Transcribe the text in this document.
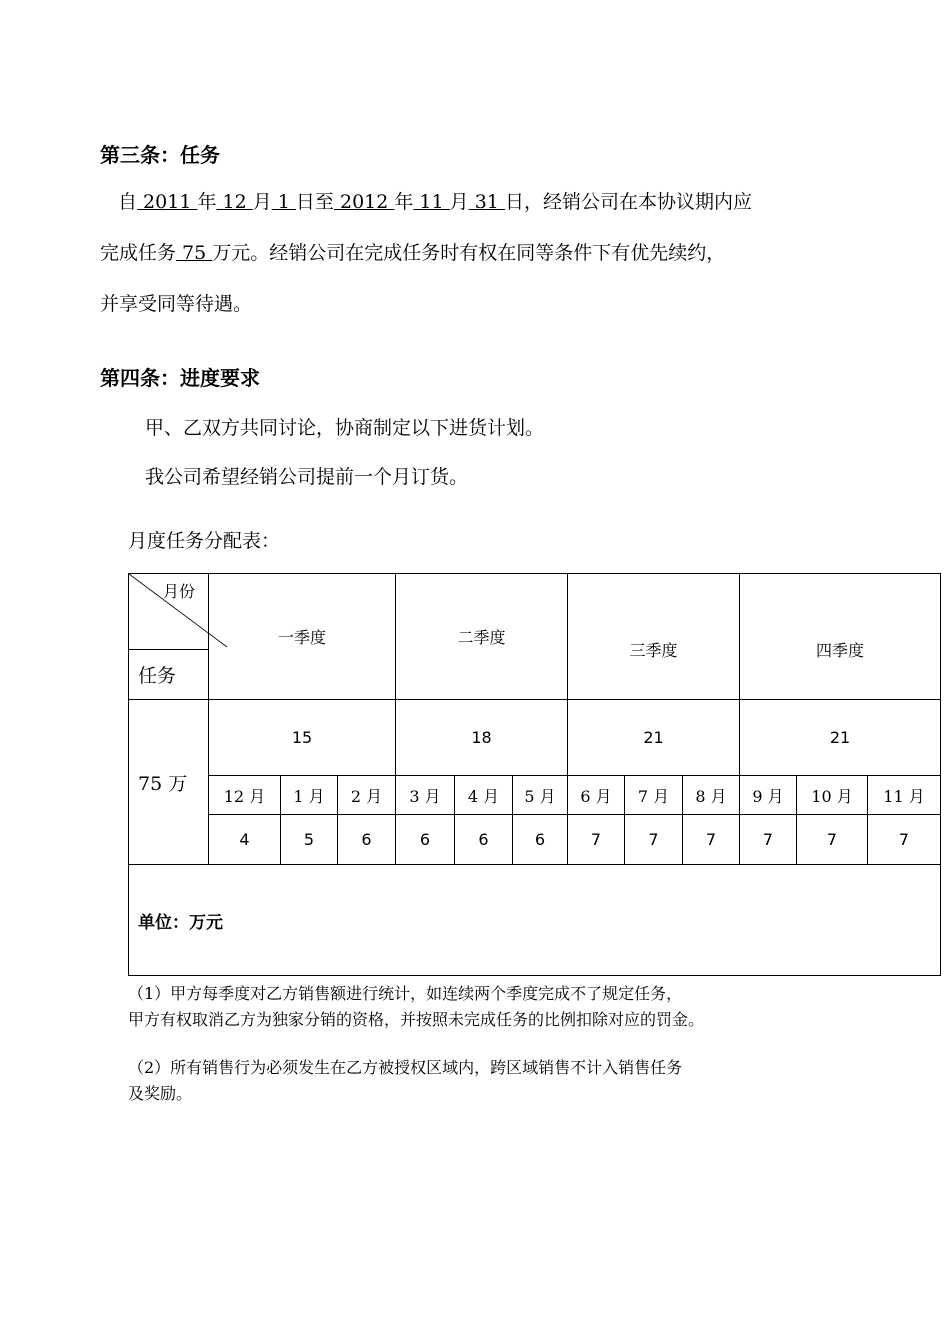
第三条：任务
自 2011 年 12 月 1 日至 2012 年 11 月 31 日，经销公司在本协议期内应
完成任务 75 万元。经销公司在完成任务时有权在同等条件下有优先续约，
并享受同等待遇。
第四条：进度要求
甲、乙双方共同讨论，协商制定以下进货计划。
我公司希望经销公司提前一个月订货。
月度任务分配表：
月份	一季度			二季度			三季度			四季度		
任务												
75 万	15			18			21			21		
	12 月	1 月	2 月	3 月	4 月	5 月	6 月	7 月	8 月	9 月	10 月	11 月
	4	5	6	6	6	6	7	7	7	7	7	7
单位：万元												
（1）甲方每季度对乙方销售额进行统计，如连续两个季度完成不了规定任务，
甲方有权取消乙方为独家分销的资格，并按照未完成任务的比例扣除对应的罚金。
（2）所有销售行为必须发生在乙方被授权区域内，跨区域销售不计入销售任务
及奖励。
